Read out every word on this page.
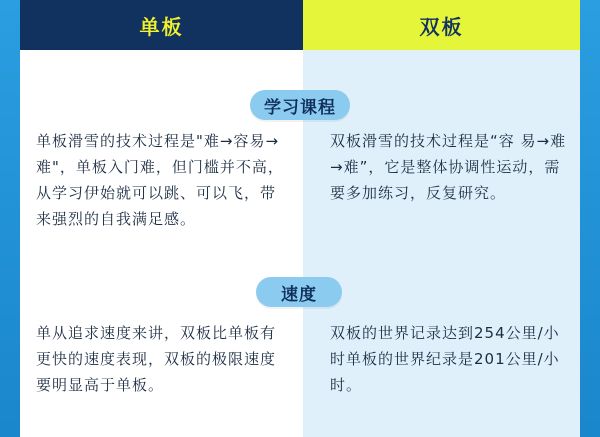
单板	双板
学习课程
单板滑雪的技术过程是"难→容易→难"，单板入门难，但门槛并不高，从学习伊始就可以跳、可以飞，带来强烈的自我满足感。
双板滑雪的技术过程是“容 易→难→难”，它是整体协调性运动，需要多加练习，反复研究。
速度
单从追求速度来讲，双板比单板有更快的速度表现，双板的极限速度要明显高于单板。
双板的世界记录达到254公里/小时单板的世界纪录是201公里/小时。
